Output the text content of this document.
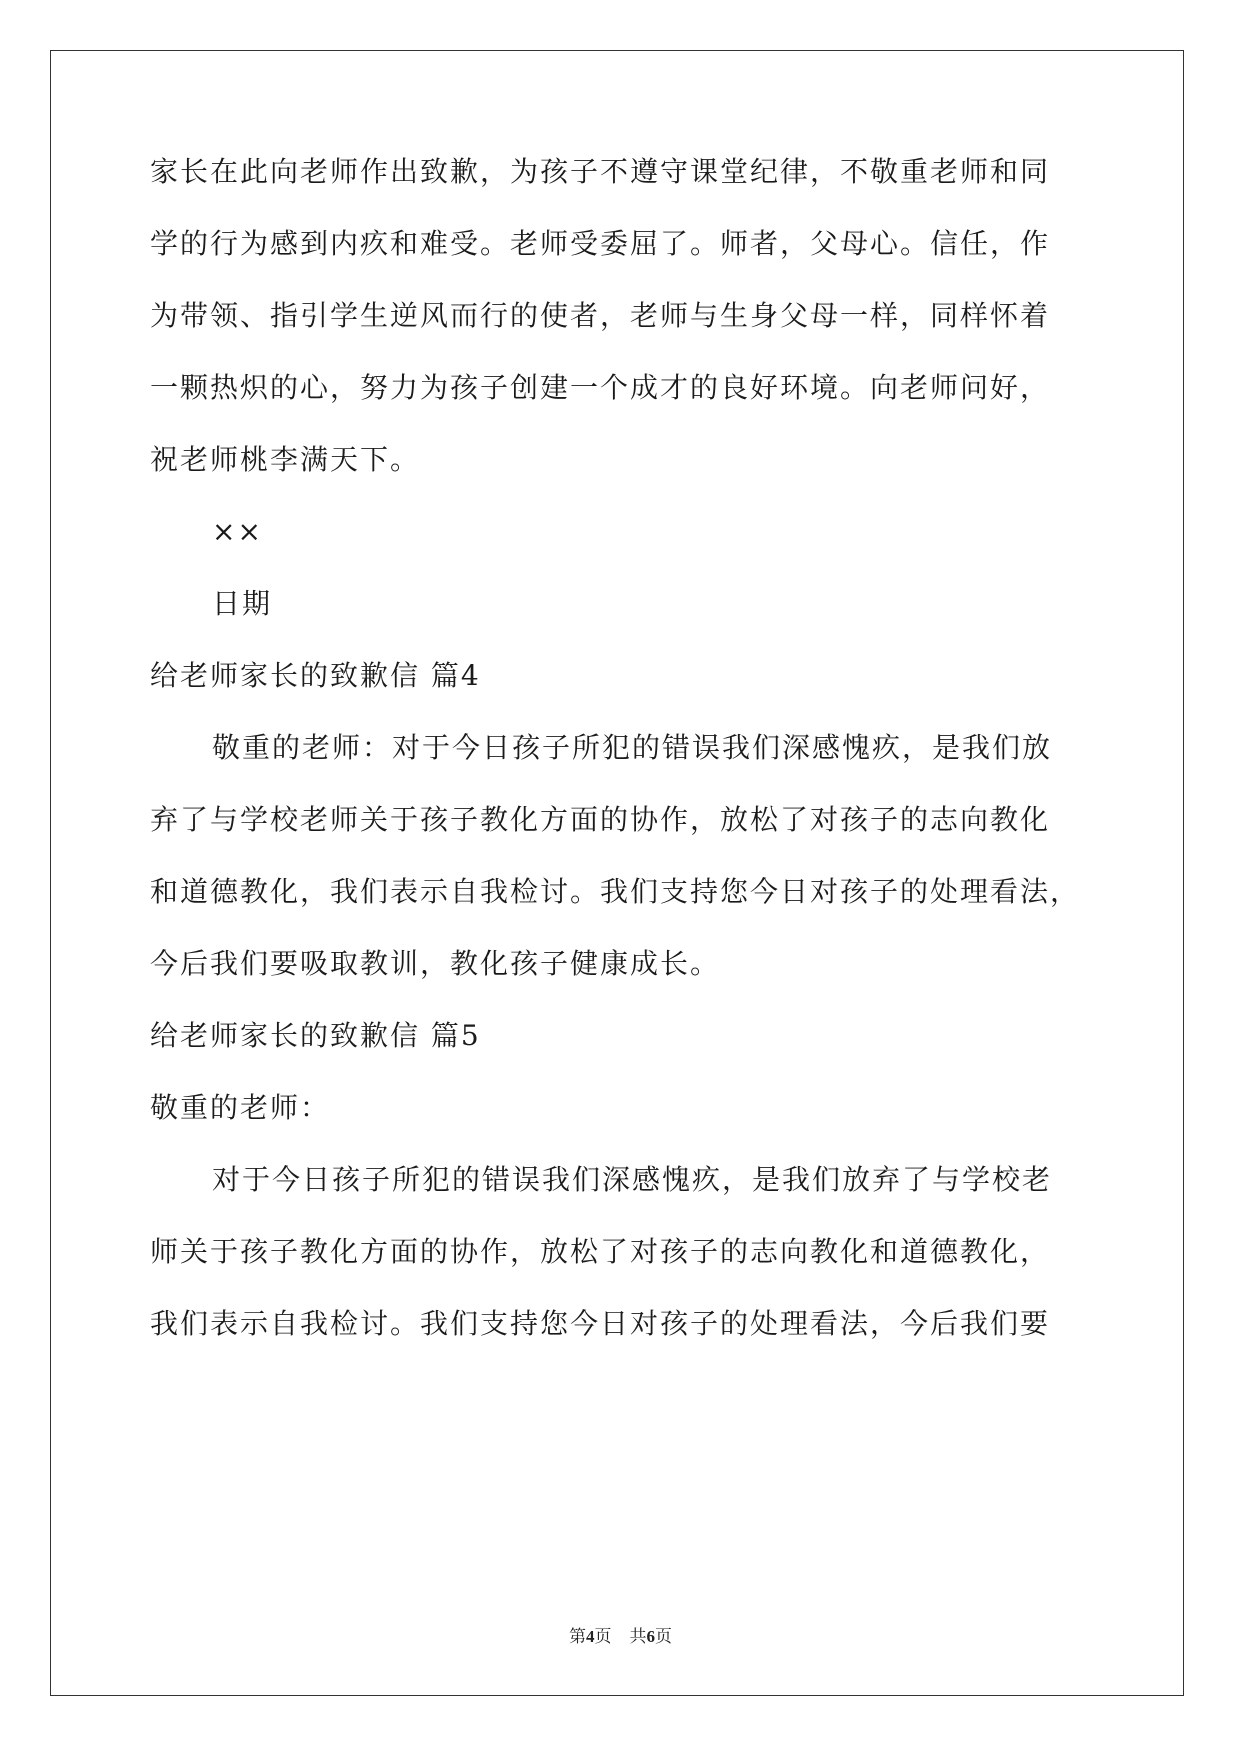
家长在此向老师作出致歉，为孩子不遵守课堂纪律，不敬重老师和同
学的行为感到内疚和难受。老师受委屈了。师者，父母心。信任，作
为带领、指引学生逆风而行的使者，老师与生身父母一样，同样怀着
一颗热炽的心，努力为孩子创建一个成才的良好环境。向老师问好，
祝老师桃李满天下。
××
日期
给老师家长的致歉信 篇4
敬重的老师：对于今日孩子所犯的错误我们深感愧疚，是我们放
弃了与学校老师关于孩子教化方面的协作，放松了对孩子的志向教化
和道德教化，我们表示自我检讨。我们支持您今日对孩子的处理看法，
今后我们要吸取教训，教化孩子健康成长。
给老师家长的致歉信 篇5
敬重的老师：
对于今日孩子所犯的错误我们深感愧疚，是我们放弃了与学校老
师关于孩子教化方面的协作，放松了对孩子的志向教化和道德教化，
我们表示自我检讨。我们支持您今日对孩子的处理看法，今后我们要
第4页 共6页
